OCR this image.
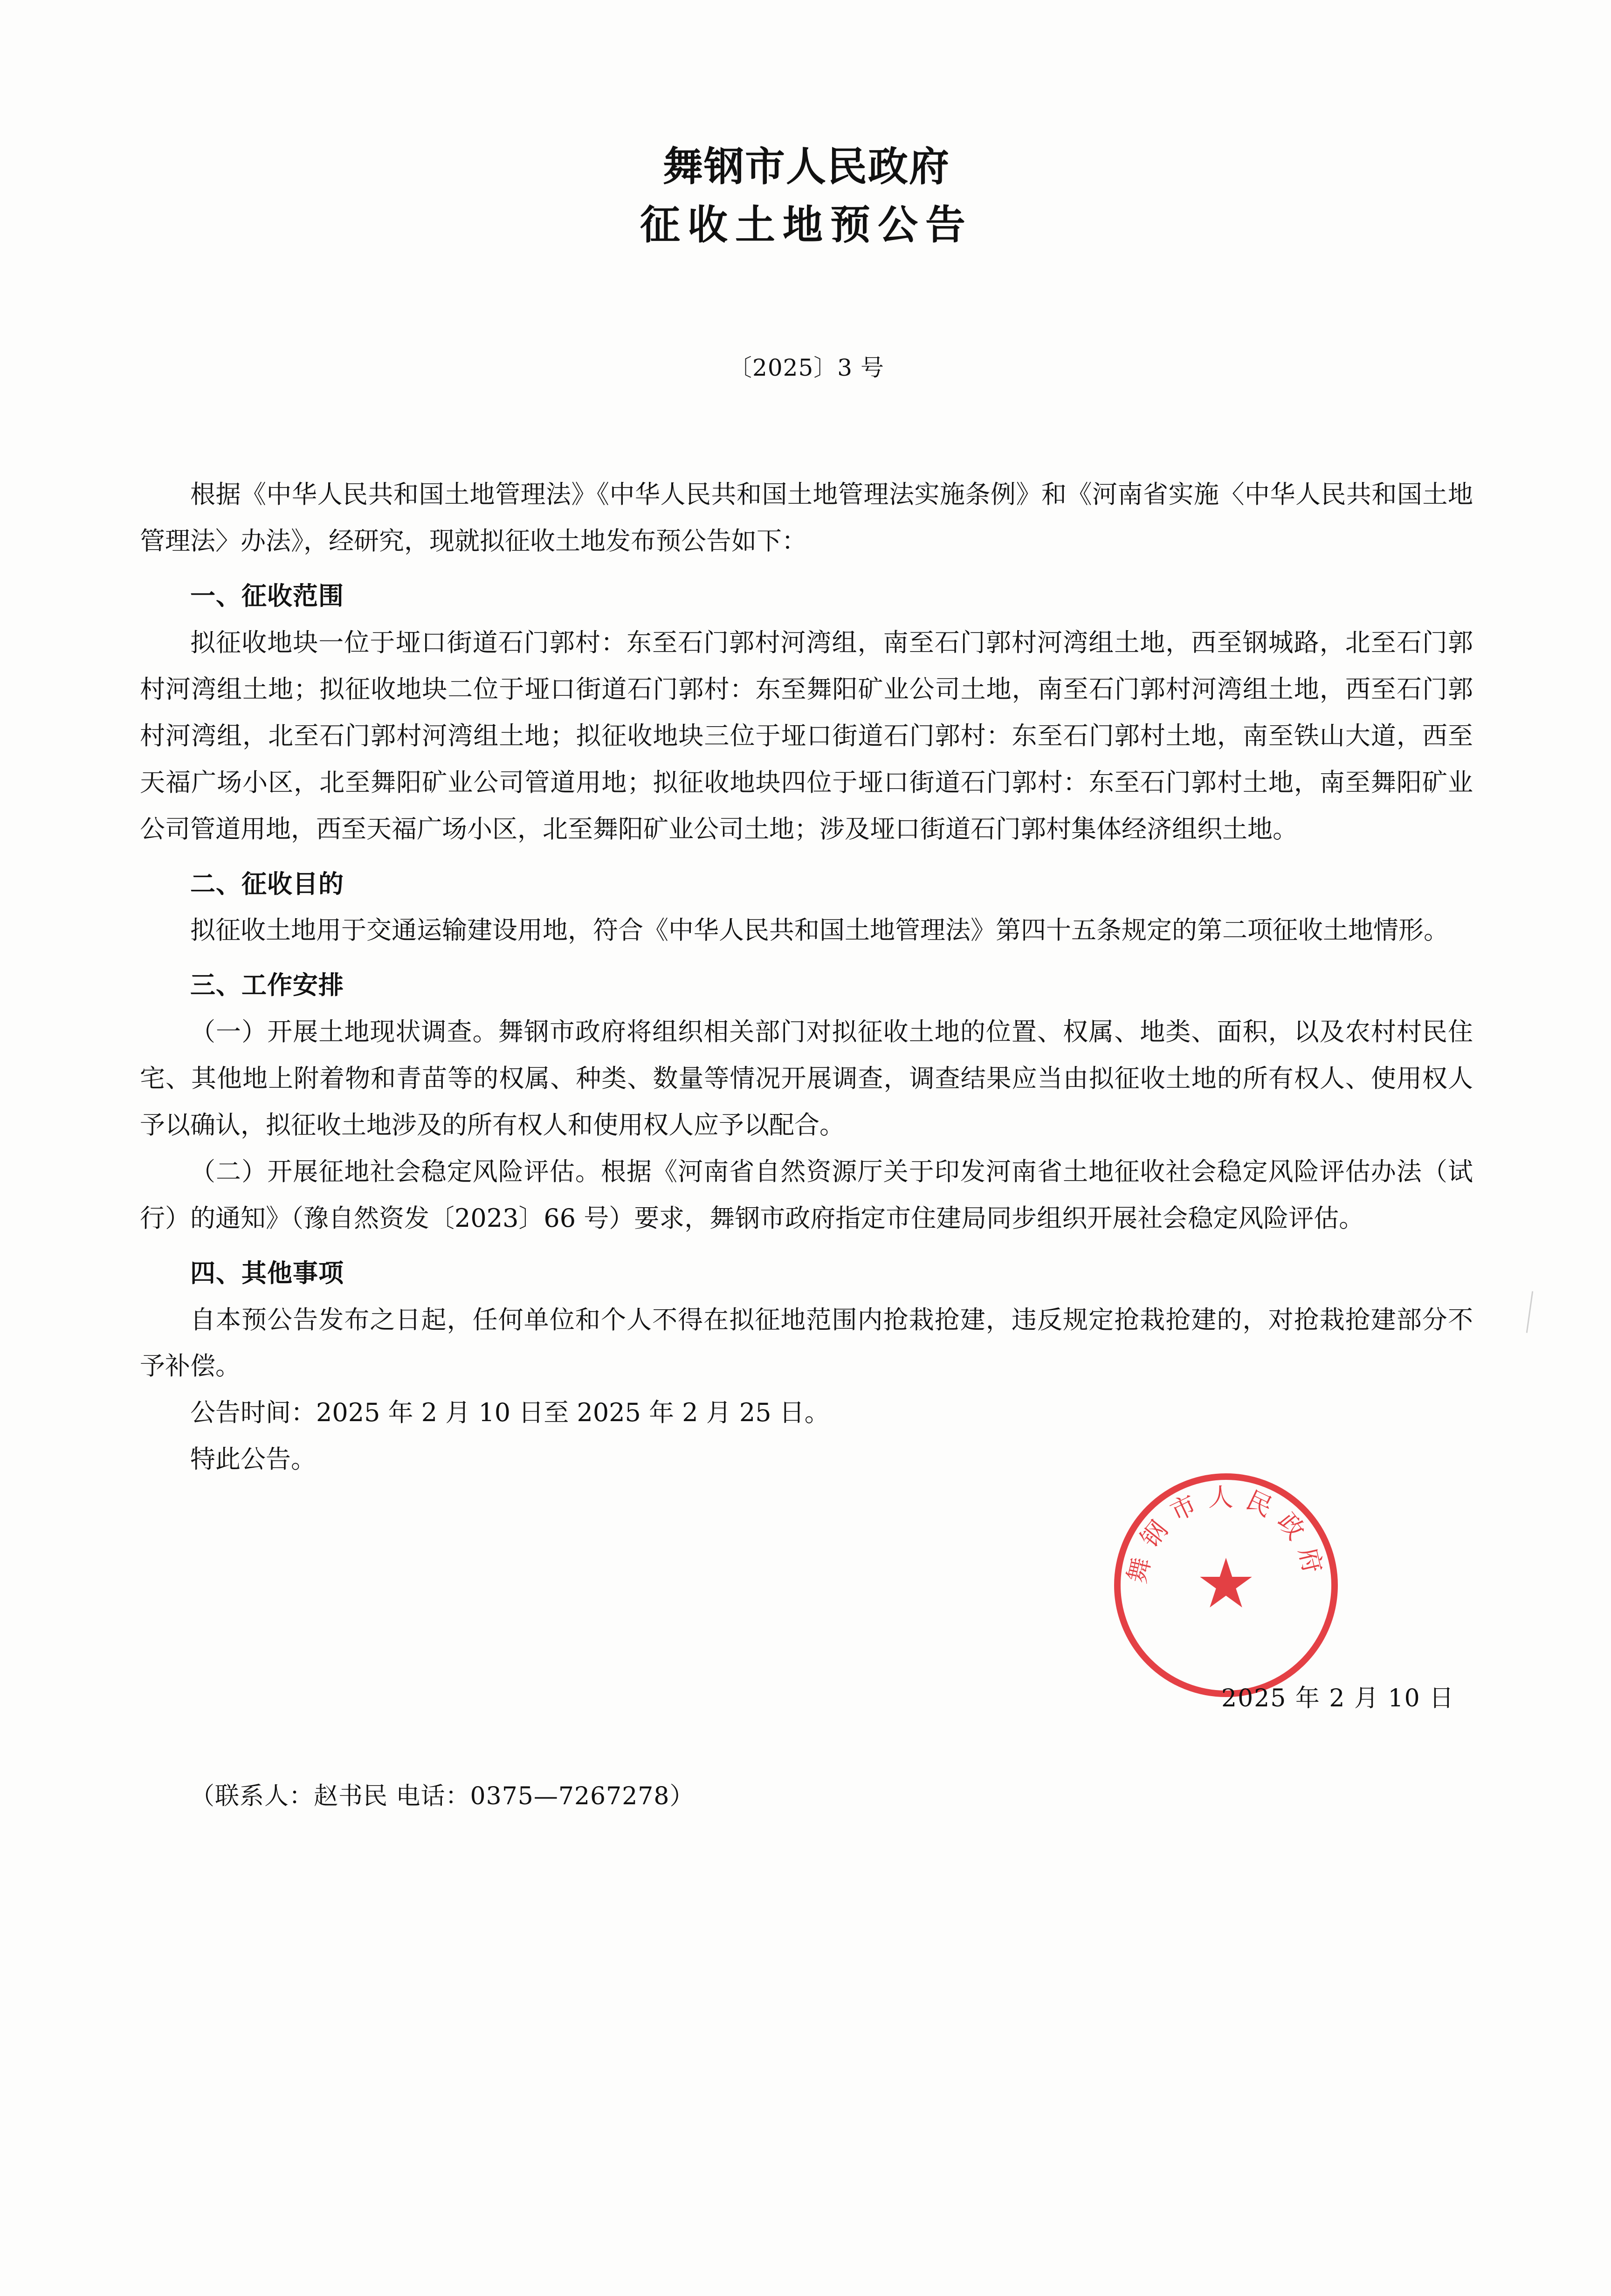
舞钢市人民政府
征收土地预公告
〔2025〕3 号

根据《中华人民共和国土地管理法》《中华人民共和国土地管理法实施条例》和《河南省实施〈中华人民共和国土地管理法〉办法》，经研究，现就拟征收土地发布预公告如下：

一、征收范围

拟征收地块一位于垭口街道石门郭村：东至石门郭村河湾组，南至石门郭村河湾组土地，西至钢城路，北至石门郭村河湾组土地；拟征收地块二位于垭口街道石门郭村：东至舞阳矿业公司土地，南至石门郭村河湾组土地，西至石门郭村河湾组，北至石门郭村河湾组土地；拟征收地块三位于垭口街道石门郭村：东至石门郭村土地，南至铁山大道，西至天福广场小区，北至舞阳矿业公司管道用地；拟征收地块四位于垭口街道石门郭村：东至石门郭村土地，南至舞阳矿业公司管道用地，西至天福广场小区，北至舞阳矿业公司土地；涉及垭口街道石门郭村集体经济组织土地。

二、征收目的

拟征收土地用于交通运输建设用地，符合《中华人民共和国土地管理法》第四十五条规定的第二项征收土地情形。

三、工作安排

（一）开展土地现状调查。舞钢市政府将组织相关部门对拟征收土地的位置、权属、地类、面积，以及农村村民住宅、其他地上附着物和青苗等的权属、种类、数量等情况开展调查，调查结果应当由拟征收土地的所有权人、使用权人予以确认，拟征收土地涉及的所有权人和使用权人应予以配合。

（二）开展征地社会稳定风险评估。根据《河南省自然资源厅关于印发河南省土地征收社会稳定风险评估办法（试行）的通知》（豫自然资发〔2023〕66 号）要求，舞钢市政府指定市住建局同步组织开展社会稳定风险评估。

四、其他事项

自本预公告发布之日起，任何单位和个人不得在拟征地范围内抢栽抢建，违反规定抢栽抢建的，对抢栽抢建部分不予补偿。

公告时间：2025 年 2 月 10 日至 2025 年 2 月 25 日。

特此公告。

舞钢市人民政府
★
2025 年 2 月 10 日

（联系人：赵书民 电话：0375—7267278）
